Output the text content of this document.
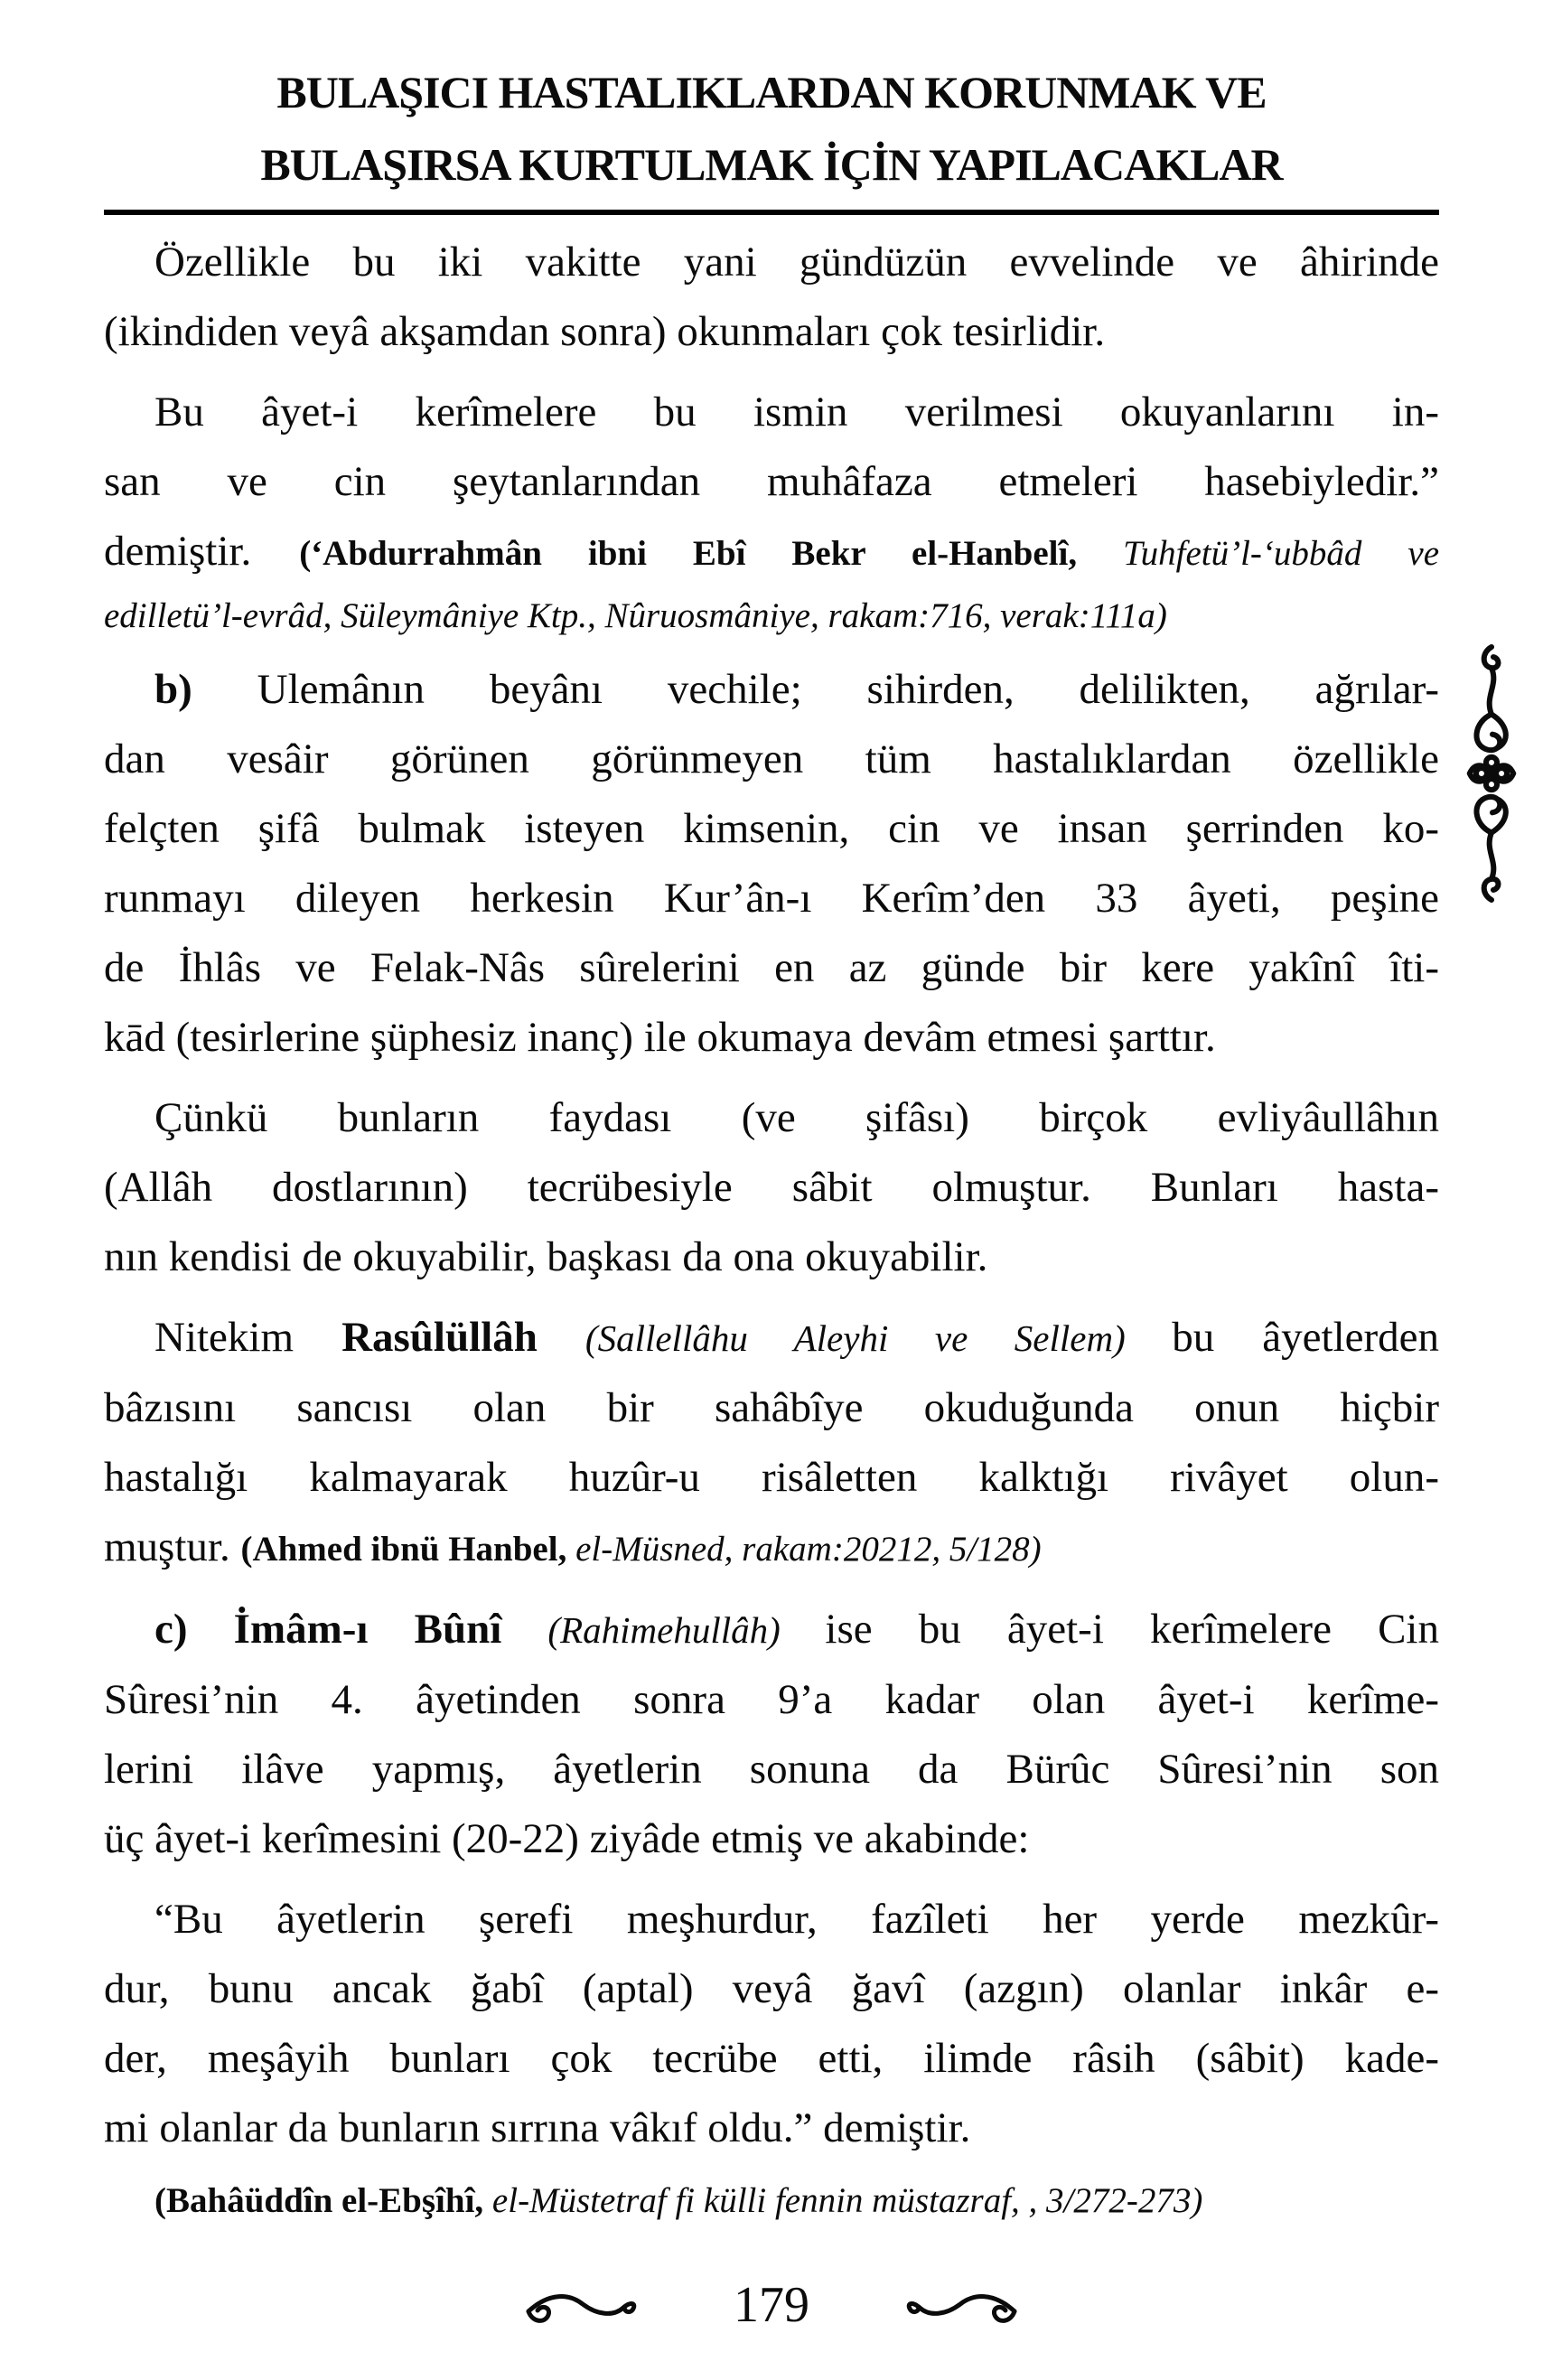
BULAŞICI HASTALIKLARDAN KORUNMAK VE
BULAŞIRSA KURTULMAK İÇİN YAPILACAKLAR
Özellikle bu iki vakitte yani gündüzün evvelinde ve âhirinde
(ikindiden veyâ akşamdan sonra) okunmaları çok tesirlidir.
Bu âyet-i kerîmelere bu ismin verilmesi okuyanlarını in-
san ve cin şeytanlarından muhâfaza etmeleri hasebiyledir.”
demiştir. (‘Abdurrahmân ibni Ebî Bekr el-Hanbelî, Tuhfetü’l-‘ubbâd ve
edilletü’l-evrâd, Süleymâniye Ktp., Nûruosmâniye, rakam:716, verak:111a)
b) Ulemânın beyânı vechile; sihirden, delilikten, ağrılar-
dan vesâir görünen görünmeyen tüm hastalıklardan özellikle
felçten şifâ bulmak isteyen kimsenin, cin ve insan şerrinden ko-
runmayı dileyen herkesin Kur’ân-ı Kerîm’den 33 âyeti, peşine
de İhlâs ve Felak-Nâs sûrelerini en az günde bir kere yakînî îti-
kād (tesirlerine şüphesiz inanç) ile okumaya devâm etmesi şarttır.
Çünkü bunların faydası (ve şifâsı) birçok evliyâullâhın
(Allâh dostlarının) tecrübesiyle sâbit olmuştur. Bunları hasta-
nın kendisi de okuyabilir, başkası da ona okuyabilir.
Nitekim Rasûlüllâh (Sallellâhu Aleyhi ve Sellem) bu âyetlerden
bâzısını sancısı olan bir sahâbîye okuduğunda onun hiçbir
hastalığı kalmayarak huzûr-u risâletten kalktığı rivâyet olun-
muştur. (Ahmed ibnü Hanbel, el-Müsned, rakam:20212, 5/128)
c) İmâm-ı Bûnî (Rahimehullâh) ise bu âyet-i kerîmelere Cin
Sûresi’nin 4. âyetinden sonra 9’a kadar olan âyet-i kerîme-
lerini ilâve yapmış, âyetlerin sonuna da Bürûc Sûresi’nin son
üç âyet-i kerîmesini (20-22) ziyâde etmiş ve akabinde:
“Bu âyetlerin şerefi meşhurdur, fazîleti her yerde mezkûr-
dur, bunu ancak ğabî (aptal) veyâ ğavî (azgın) olanlar inkâr e-
der, meşâyih bunları çok tecrübe etti, ilimde râsih (sâbit) kade-
mi olanlar da bunların sırrına vâkıf oldu.” demiştir.
(Bahâüddîn el-Ebşîhî, el-Müstetraf fi külli fennin müstazraf, , 3/272-273)
179
